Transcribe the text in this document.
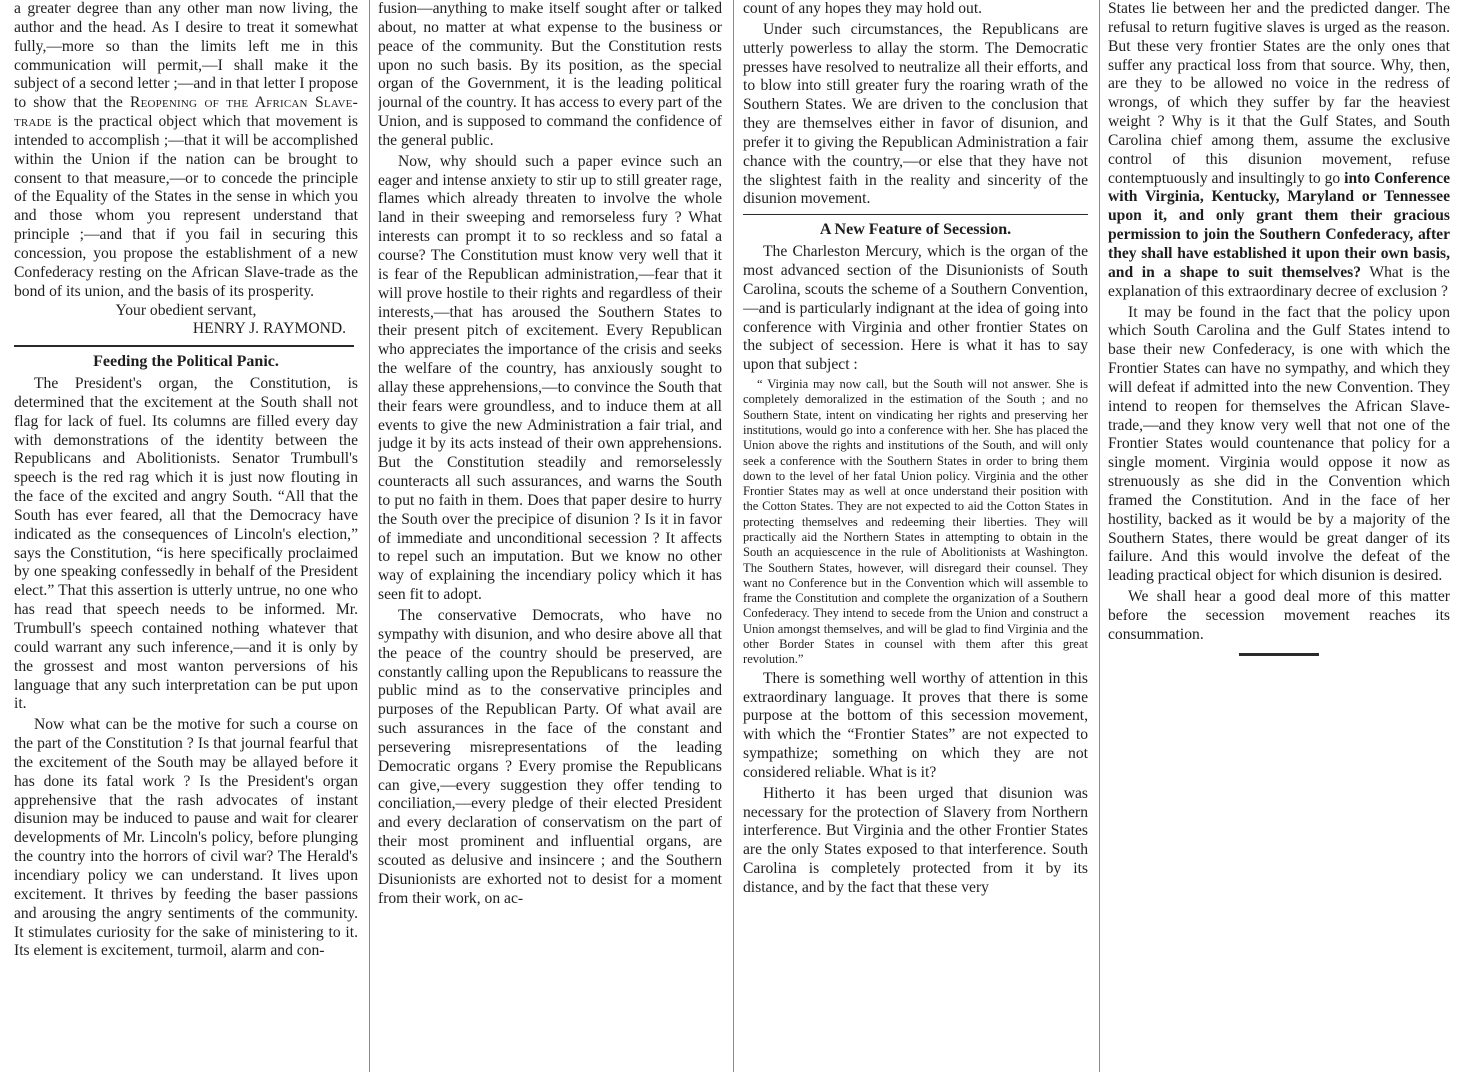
a greater degree than any other man now living, the author and the head. As I desire to treat it somewhat fully,—more so than the limits left me in this communication will permit,—I shall make it the subject of a second letter ;—and in that letter I propose to show that the Reopening of the African Slave-trade is the practical object which that movement is intended to accomplish ;—that it will be accomplished within the Union if the nation can be brought to consent to that measure,—or to concede the principle of the Equality of the States in the sense in which you and those whom you represent understand that principle ;—and that if you fail in securing this concession, you propose the establishment of a new Confederacy resting on the African Slave-trade as the bond of its union, and the basis of its prosperity.

Your obedient servant,

HENRY J. RAYMOND.

Feeding the Political Panic.

The President's organ, the Constitution, is determined that the excitement at the South shall not flag for lack of fuel. Its columns are filled every day with demonstrations of the identity between the Republicans and Abolitionists. Senator Trumbull's speech is the red rag which it is just now flouting in the face of the excited and angry South. “All that the South has ever feared, all that the Democracy have indicated as the consequences of Lincoln's election,” says the Constitution, “is here specifically proclaimed by one speaking confessedly in behalf of the President elect.” That this assertion is utterly untrue, no one who has read that speech needs to be informed. Mr. Trumbull's speech contained nothing whatever that could warrant any such inference,—and it is only by the grossest and most wanton perversions of his language that any such interpretation can be put upon it.

Now what can be the motive for such a course on the part of the Constitution ? Is that journal fearful that the excitement of the South may be allayed before it has done its fatal work ? Is the President's organ apprehensive that the rash advocates of instant disunion may be induced to pause and wait for clearer developments of Mr. Lincoln's policy, before plunging the country into the horrors of civil war? The Herald's incendiary policy we can understand. It lives upon excitement. It thrives by feeding the baser passions and arousing the angry sentiments of the community. It stimulates curiosity for the sake of ministering to it. Its element is excitement, turmoil, alarm and con-

fusion—anything to make itself sought after or talked about, no matter at what expense to the business or peace of the community. But the Constitution rests upon no such basis. By its position, as the special organ of the Government, it is the leading political journal of the country. It has access to every part of the Union, and is supposed to command the confidence of the general public.

Now, why should such a paper evince such an eager and intense anxiety to stir up to still greater rage, flames which already threaten to involve the whole land in their sweeping and remorseless fury ? What interests can prompt it to so reckless and so fatal a course? The Constitution must know very well that it is fear of the Republican administration,—fear that it will prove hostile to their rights and regardless of their interests,—that has aroused the Southern States to their present pitch of excitement. Every Republican who appreciates the importance of the crisis and seeks the welfare of the country, has anxiously sought to allay these apprehensions,—to convince the South that their fears were groundless, and to induce them at all events to give the new Administration a fair trial, and judge it by its acts instead of their own apprehensions. But the Constitution steadily and remorselessly counteracts all such assurances, and warns the South to put no faith in them. Does that paper desire to hurry the South over the precipice of disunion ? Is it in favor of immediate and unconditional secession ? It affects to repel such an imputation. But we know no other way of explaining the incendiary policy which it has seen fit to adopt.

The conservative Democrats, who have no sympathy with disunion, and who desire above all that the peace of the country should be preserved, are constantly calling upon the Republicans to reassure the public mind as to the conservative principles and purposes of the Republican Party. Of what avail are such assurances in the face of the constant and persevering misrepresentations of the leading Democratic organs ? Every promise the Republicans can give,—every suggestion they offer tending to conciliation,—every pledge of their elected President and every declaration of conservatism on the part of their most prominent and influential organs, are scouted as delusive and insincere ; and the Southern Disunionists are exhorted not to desist for a moment from their work, on ac-

count of any hopes they may hold out.

Under such circumstances, the Republicans are utterly powerless to allay the storm. The Democratic presses have resolved to neutralize all their efforts, and to blow into still greater fury the roaring wrath of the Southern States. We are driven to the conclusion that they are themselves either in favor of disunion, and prefer it to giving the Republican Administration a fair chance with the country,—or else that they have not the slightest faith in the reality and sincerity of the disunion movement.

A New Feature of Secession.

The Charleston Mercury, which is the organ of the most advanced section of the Disunionists of South Carolina, scouts the scheme of a Southern Convention,—and is particularly indignant at the idea of going into conference with Virginia and other frontier States on the subject of secession. Here is what it has to say upon that subject :

“ Virginia may now call, but the South will not answer. She is completely demoralized in the estimation of the South ; and no Southern State, intent on vindicating her rights and preserving her institutions, would go into a conference with her. She has placed the Union above the rights and institutions of the South, and will only seek a conference with the Southern States in order to bring them down to the level of her fatal Union policy. Virginia and the other Frontier States may as well at once understand their position with the Cotton States. They are not expected to aid the Cotton States in protecting themselves and redeeming their liberties. They will practically aid the Northern States in attempting to obtain in the South an acquiescence in the rule of Abolitionists at Washington. The Southern States, however, will disregard their counsel. They want no Conference but in the Convention which will assemble to frame the Constitution and complete the organization of a Southern Confederacy. They intend to secede from the Union and construct a Union amongst themselves, and will be glad to find Virginia and the other Border States in counsel with them after this great revolution.”

There is something well worthy of attention in this extraordinary language. It proves that there is some purpose at the bottom of this secession movement, with which the “Frontier States” are not expected to sympathize; something on which they are not considered reliable. What is it?

Hitherto it has been urged that disunion was necessary for the protection of Slavery from Northern interference. But Virginia and the other Frontier States are the only States exposed to that interference. South Carolina is completely protected from it by its distance, and by the fact that these very

States lie between her and the predicted danger. The refusal to return fugitive slaves is urged as the reason. But these very frontier States are the only ones that suffer any practical loss from that source. Why, then, are they to be allowed no voice in the redress of wrongs, of which they suffer by far the heaviest weight ? Why is it that the Gulf States, and South Carolina chief among them, assume the exclusive control of this disunion movement, refuse contemptuously and insultingly to go into Conference with Virginia, Kentucky, Maryland or Tennessee upon it, and only grant them their gracious permission to join the Southern Confederacy, after they shall have established it upon their own basis, and in a shape to suit themselves? What is the explanation of this extraordinary decree of exclusion ?

It may be found in the fact that the policy upon which South Carolina and the Gulf States intend to base their new Confederacy, is one with which the Frontier States can have no sympathy, and which they will defeat if admitted into the new Convention. They intend to reopen for themselves the African Slave-trade,—and they know very well that not one of the Frontier States would countenance that policy for a single moment. Virginia would oppose it now as strenuously as she did in the Convention which framed the Constitution. And in the face of her hostility, backed as it would be by a majority of the Southern States, there would be great danger of its failure. And this would involve the defeat of the leading practical object for which disunion is desired.

We shall hear a good deal more of this matter before the secession movement reaches its consummation.
